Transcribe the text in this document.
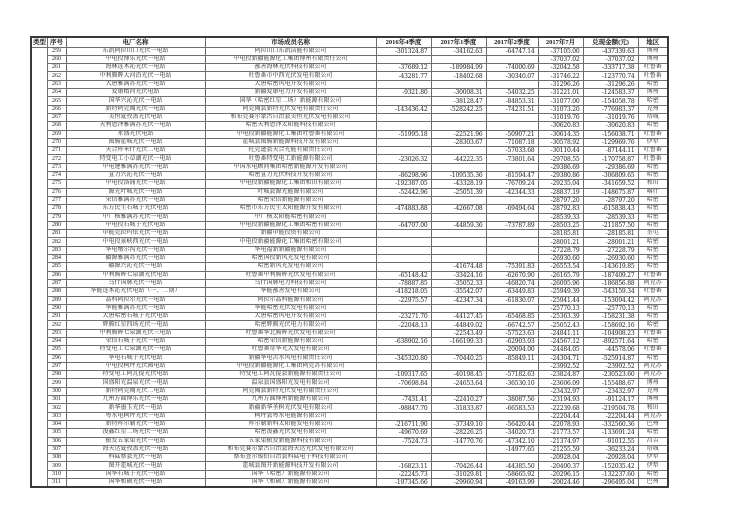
类型	序号	电厂名称	市场成员名称	2016年4季度	2017年1季度	2017年2季度	2017年7月	兑现金额(元)	地区
	259	东凯阿拉山口光伏一电站	阿拉山口东凯洁能有限公司	-301324.87	-34162.63	-64747.14	-37105.00	-437339.63	博州
	260	中电投博乐光伏一电站	中电投新疆能源化工集团博州有限责任公司				-37037.02	-37037.02	博州
	261	海林连木沁光伏一电站	鄯善海林光伏科技有限公司	-37689.12	-189984.99	-74000.69	-32042.58	-333717.38	吐鲁番
	262	中利腾晖大河沿光伏一电站	吐鲁番市中西光伏发电有限公司	-43281.77	-18402.68	-30340.07	-31746.22	-123770.74	吐鲁番
	263	大唐雅满苏光伏一电站	大唐哈密风电开发有限公司				-31296.26	-31296.26	哈密
	264	爱康精河光伏电站	新疆爱康电力开发有限公司	-9321.80	-30008.31	-54032.25	-31221.01	-124583.37	博州
	265	国华兴沁光伏一电站	国华（哈密红星二场）新能源有限公司		-38128.47	-84853.31	-31077.00	-154058.78	哈密
	266	新特阿克陶光伏一电站	阿克陶县新特光伏发电有限责任公司	-143436.42	-528242.25	-74231.51	-31073.20	-776983.37	克州
	267	美恒夏孜盖光伏电站	和布克赛尔蒙古自治县美恒光伏发电有限公司				-31019.76	-31019.76	塔城
	268	天利恩泽雅满苏光伏一电站	哈密天利恩泽太阳能科技有限公司				-30620.83	-30620.83	哈密
	269	永盛光伏电站	中电投新疆能源化工集团吐鲁番有限公司	-51995.18	-22521.96	-50907.21	-30614.35	-156038.71	吐鲁番
	270	图腾霍城光伏一电站	霍城县图腾新能源科技开发有限公司		-28303.67	-71087.18	-30578.92	-129969.76	伊犁
	271	天合库米什光伏二电站	托克逊县天合光能有限责任公司			-57033.68	-30110.44	-87144.11	吐鲁番
	272	特变电工小草湖光伏一电站	吐鲁番特变电工新能源有限公司	-23026.32	-44222.35	-73801.64	-29708.55	-170758.87	吐鲁番
	273	中电建雅满苏光伏一电站	中国水电顾问集团哈密新能源开发有限公司				-29386.69	-29386.69	哈密
	274	宣力兴沁光伏一电站	哈密宣力光伏科技开发有限公司	-86298.96	-109535.36	-81594.47	-29380.86	-306809.65	哈密
	275	中电投洛浦光伏一电站	中电投新疆能源化工集团和田有限公司	-192387.05	-43328.19	-76709.24	-29235.04	-341659.52	和田
	276	源光叶城光伏一电站	叶城县源光能源有限公司	-52442.96	-25051.39	-42344.33	-28837.19	-148675.87	喀什
	277	荣信雅满苏光伏一电站	哈密荣信新能源有限公司				-28797.20	-28797.20	哈密
	278	东方民生石城子光伏电站	哈密市东方民生太阳能源开发有限公司	-474883.88	-42667.08	-69494.64	-28792.83	-615838.43	哈密
	279	中广核雅满苏光伏一电站	中广核太阳能哈密有限公司				-28539.33	-28539.33	哈密
	280	中电投石城子光伏电站	中电投新疆能源化工集团哈密有限公司	-64707.00	-44859.36	-73787.89	-28503.25	-211857.50	哈密
	281	申能克拉玛依光伏一电站	新疆申能投资有限公司				-28185.81	-28185.81	奎屯
	282	中电投景峡西光伏一电站	中电投新疆能源化工集团哈密有限公司				-28001.21	-28001.21	哈密
	283	华电墩尔沟光伏一电站	华电福新新疆能源有限公司				-27228.79	-27228.79	哈密
	284	疆源雅满苏光伏一电站	哈密国投新风光发电有限公司				-26930.60	-26930.60	哈密
	285	疆源兴沁光伏一电站	哈密新风光发电有限公司		-41674.48	-75391.83	-26553.54	-143619.85	哈密
	286	中利腾晖七泉湖光伏电站	吐鲁番中利腾晖光伏发电有限公司	-65148.42	-33424.16	-62670.90	-26165.79	-187409.27	吐鲁番
	287	乌什国脉光伏一电站	乌什国脉电力科技有限公司	-78887.85	-35052.33	-46820.74	-26095.96	-186856.88	阿克苏
	288	华能连木沁光伏电站（一、二期）	华能鄯善发电有限公司	-418218.05	-35542.07	-63449.83	-25949.39	-543159.34	吐鲁番
	289	晶科阿拉尔光伏一电站	阿拉尔晶科能源有限公司	-22975.57	-42347.34	-61830.07	-25941.44	-153094.42	阿克苏
	290	华能雅满苏光伏一电站	华能哈密光伏发电有限公司				-25770.13	-25770.13	哈密
	291	大唐哈密石城子光伏电站	大唐哈密风电开发有限公司	-23271.70	-44127.45	-65468.85	-25363.39	-158231.38	哈密
	292	辉腾红星四场光伏一电站	哈密辉腾光伏电力有限公司	-22048.13	-44849.02	-66742.57	-25052.43	-158692.16	哈密
	293	中利腾晖七泉湖光伏三电站	吐鲁番华北腾晖光伏发电有限公司		-22543.49	-57523.63	-24841.11	-104908.23	吐鲁番
	294	荣信石城子光伏一电站	哈密荣信新能源有限公司	-638902.16	-166199.33	-62903.03	-24567.12	-892571.64	哈密
	295	特变电工七泉湖光伏一电站	吐鲁番奇华光大发电有限公司			-20094.00	-24484.05	-44578.06	吐鲁番
	296	华电石城子光伏电站	新疆华电苦水风电有限责任公司	-345320.80	-70440.25	-85849.11	-24304.71	-525914.87	哈密
	297	中电投柯坪光伏园电站	中电投新疆能源化工集团阿克苏有限公司				-23992.52	-23992.52	阿克苏
	298	特变电工阿瓦提光伏电站	特变电工阿瓦提县新能源有限责任公司	-109317.65	-40198.45	-57182.63	-23824.87	-230523.60	阿克苏
	299	国盛阳光温泉光伏一电站	温泉县国盛阳光发电有限公司	-70698.84	-24653.64	-36530.10	-23606.09	-155488.67	博州
	300	新特阿克陶光伏二电站	阿克陶县新特光伏发电有限责任公司				-23432.97	-23432.97	克州
	301	九州方圆博乐光伏一电站	九州方圆博州新能源有限公司	-7431.41	-22410.27	-38087.56	-23194.93	-91124.17	博州
	302	新华墨玉光伏一电站	新疆新华圣树光伏发电有限公司	-98847.70	-31833.87	-66583.53	-22239.68	-219504.78	和田
	303	粤水电柯坪光伏一电站	柯坪县粤水电能源有限公司				-22204.44	-22204.44	阿克苏
	304	新特库尔勒光伏一电站	库尔勒新科太阳能发电有限公司	-216711.90	-37349.10	-56420.44	-22078.93	-332560.36	巴州
	305	浚鑫红星二场光伏一电站	哈密浚鑫光伏发电有限公司	-49670.69	-28226.25	-34020.73	-21773.57	-133691.24	哈密
	306	振发五家渠光伏一电站	五家渠振发新能源科技有限公司	-7524.73	-14770.76	-47342.10	-21374.97	-91012.55	昌吉
	307	海天达夏孜盖光伏一电站	和布克赛尔蒙古自治县海天达光伏发电有限公司			-14977.65	-21255.59	-36233.24	塔城
	308	科陆察县光伏一电站	察布查尔锡伯自治县科陆电子科技有限公司				-20928.04	-20928.04	伊犁
	309	图开霍城光伏一电站	霍城县图开新能源科技开发有限公司	-16823.11	-70426.44	-44385.50	-20400.37	-152035.42	伊犁
	310	国华石城子光伏一电站	国华（哈密）新能源有限公司	-22245.73	-31029.81	-58665.92	-20296.15	-132237.60	哈密
	311	国华和硕光伏一电站	国华（和硕）新能源有限公司	-197345.66	-29960.94	-49163.99	-20024.46	-296495.04	巴州
